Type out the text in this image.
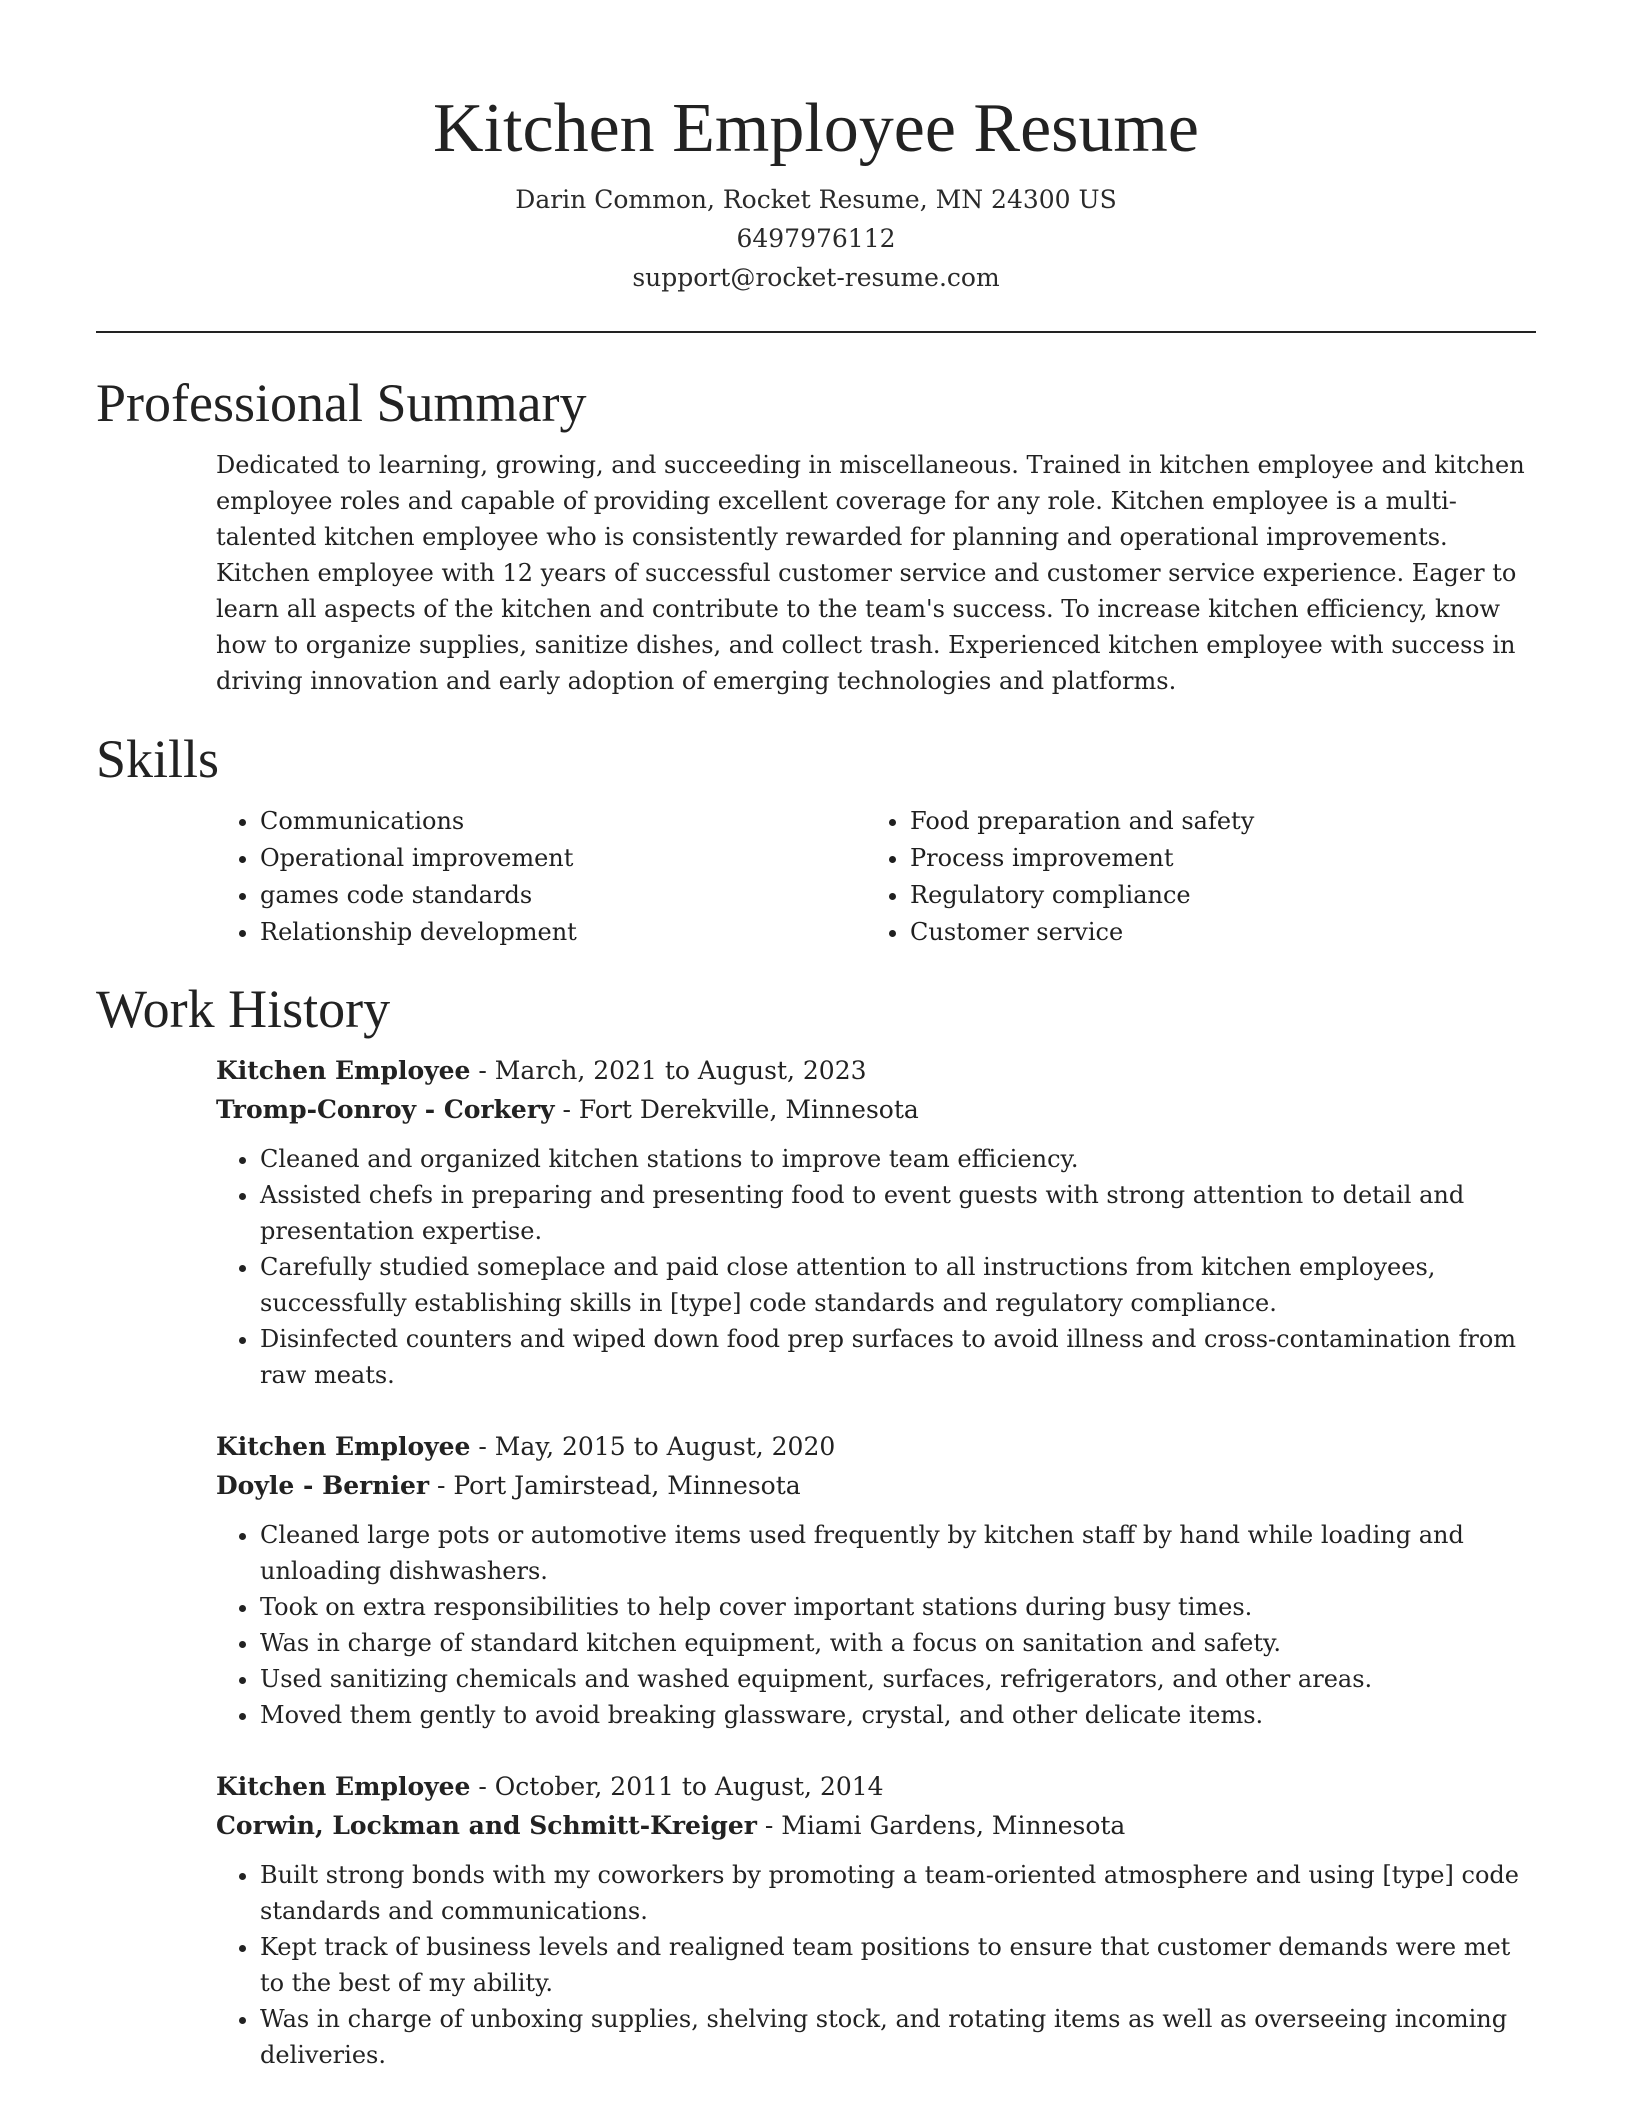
Kitchen Employee Resume
Darin Common, Rocket Resume, MN 24300 US
6497976112
support@rocket-resume.com
Professional Summary

Dedicated to learning, growing, and succeeding in miscellaneous. Trained in kitchen employee and kitchen employee roles and capable of providing excellent coverage for any role. Kitchen employee is a multi-talented kitchen employee who is consistently rewarded for planning and operational improvements. Kitchen employee with 12 years of successful customer service and customer service experience. Eager to learn all aspects of the kitchen and contribute to the team's success. To increase kitchen efficiency, know how to organize supplies, sanitize dishes, and collect trash. Experienced kitchen employee with success in driving innovation and early adoption of emerging technologies and platforms.

Skills
• Communications
• Operational improvement
• games code standards
• Relationship development
• Food preparation and safety
• Process improvement
• Regulatory compliance
• Customer service
Work History
Kitchen Employee - March, 2021 to August, 2023
Tromp-Conroy - Corkery - Fort Derekville, Minnesota
• Cleaned and organized kitchen stations to improve team efficiency.
• Assisted chefs in preparing and presenting food to event guests with strong attention to detail and presentation expertise.
• Carefully studied someplace and paid close attention to all instructions from kitchen employees, successfully establishing skills in [type] code standards and regulatory compliance.
• Disinfected counters and wiped down food prep surfaces to avoid illness and cross-contamination from raw meats.
Kitchen Employee - May, 2015 to August, 2020
Doyle - Bernier - Port Jamirstead, Minnesota
• Cleaned large pots or automotive items used frequently by kitchen staff by hand while loading and unloading dishwashers.
• Took on extra responsibilities to help cover important stations during busy times.
• Was in charge of standard kitchen equipment, with a focus on sanitation and safety.
• Used sanitizing chemicals and washed equipment, surfaces, refrigerators, and other areas.
• Moved them gently to avoid breaking glassware, crystal, and other delicate items.
Kitchen Employee - October, 2011 to August, 2014
Corwin, Lockman and Schmitt-Kreiger - Miami Gardens, Minnesota
• Built strong bonds with my coworkers by promoting a team-oriented atmosphere and using [type] code standards and communications.
• Kept track of business levels and realigned team positions to ensure that customer demands were met to the best of my ability.
• Was in charge of unboxing supplies, shelving stock, and rotating items as well as overseeing incoming deliveries.
